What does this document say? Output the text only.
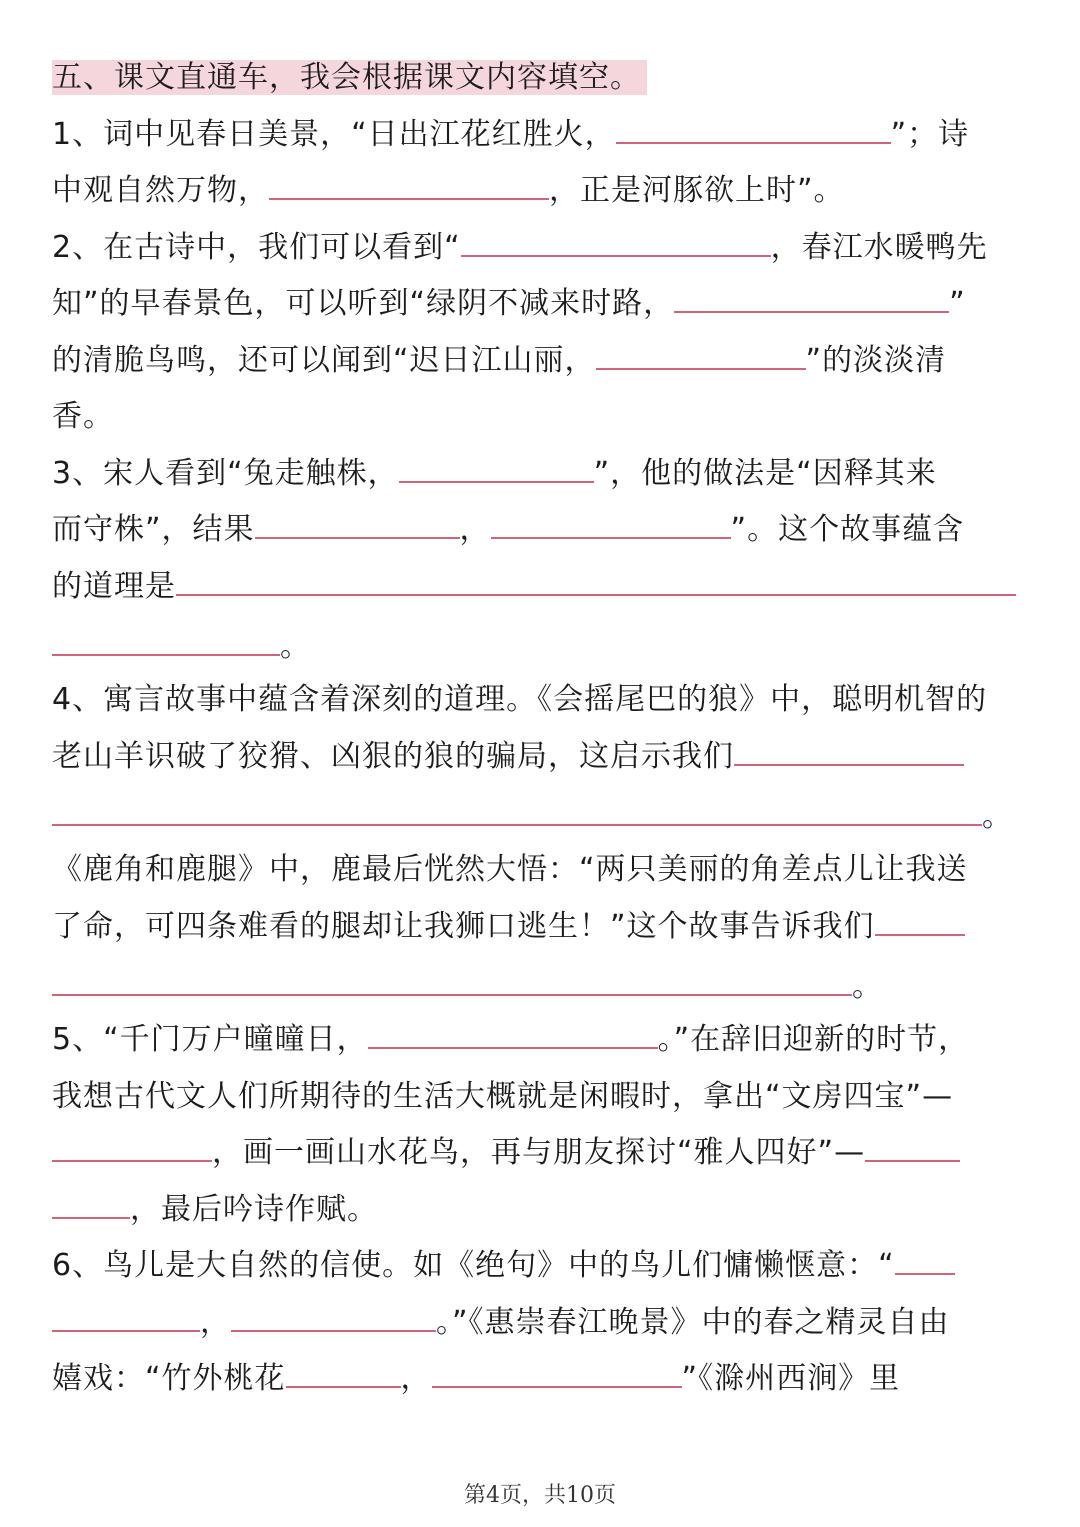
五、课文直通车，我会根据课文内容填空。
1、词中见春日美景，“日出江花红胜火，	”；诗
中观自然万物，	，正是河豚欲上时”。
2、在古诗中，我们可以看到“	，春江水暖鸭先
知”的早春景色，可以听到“绿阴不减来时路，	”
的清脆鸟鸣，还可以闻到“迟日江山丽，	”的淡淡清
香。
3、宋人看到“兔走触株，	”，他的做法是“因释其来
而守株”，结果	，	”。这个故事蕴含
的道理是
。
4、寓言故事中蕴含着深刻的道理。《会摇尾巴的狼》中，聪明机智的
老山羊识破了狡猾、凶狠的狼的骗局，这启示我们
。
《鹿角和鹿腿》中，鹿最后恍然大悟：“两只美丽的角差点儿让我送
了命，可四条难看的腿却让我狮口逃生！”这个故事告诉我们
。
5、“千门万户曈曈日，	。”在辞旧迎新的时节，
我想古代文人们所期待的生活大概就是闲暇时，拿出“文房四宝”—
，画一画山水花鸟，再与朋友探讨“雅人四好”—
，最后吟诗作赋。
6、鸟儿是大自然的信使。如《绝句》中的鸟儿们慵懒惬意：“
，	。”《惠崇春江晚景》中的春之精灵自由
嬉戏：“竹外桃花	，	”《滁州西涧》里
第4页，共10页
